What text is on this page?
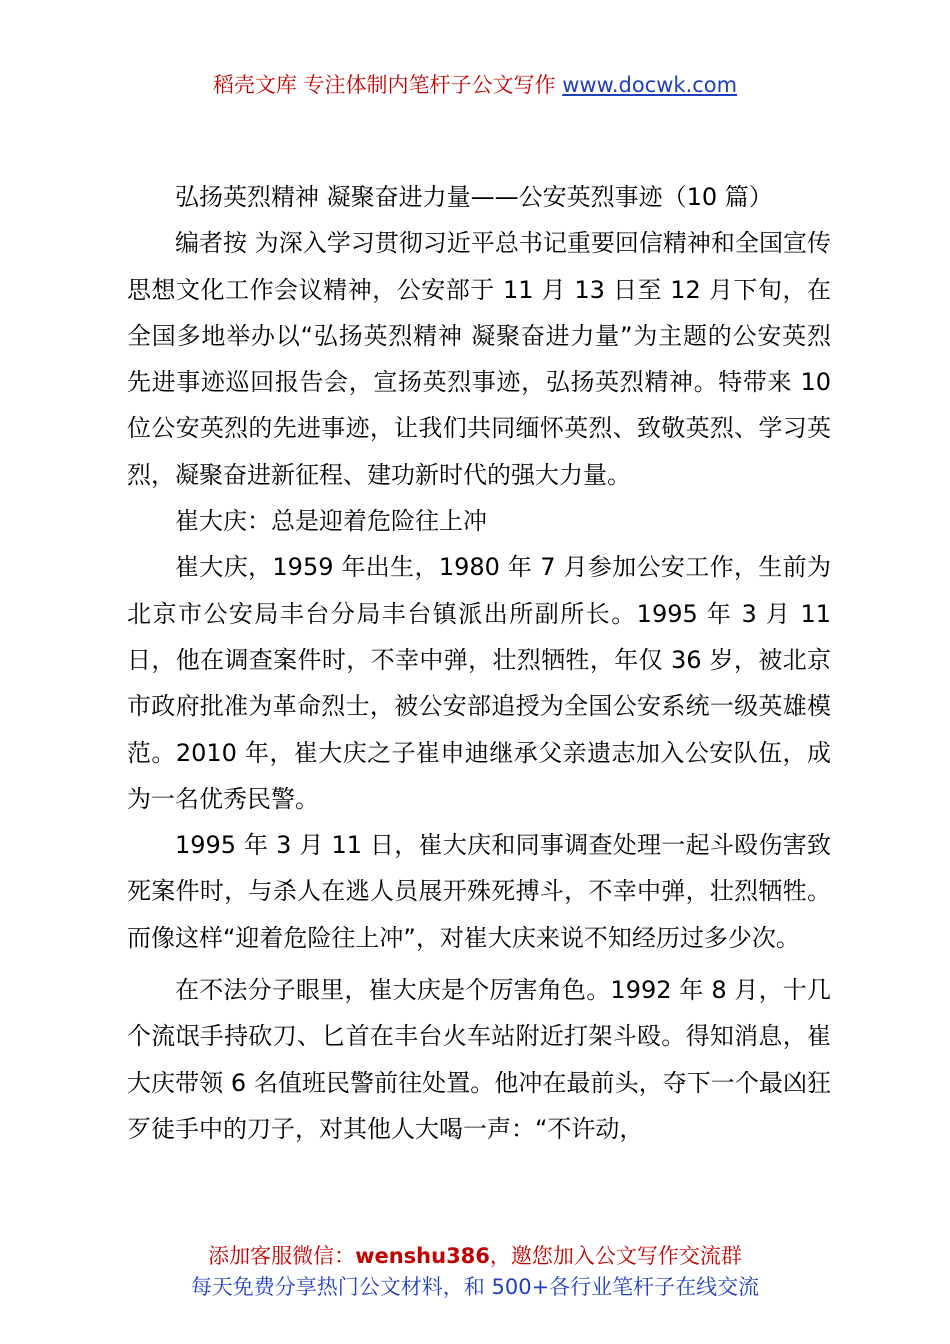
稻壳文库 专注体制内笔杆子公文写作 www.docwk.com

弘扬英烈精神 凝聚奋进力量——公安英烈事迹（10 篇）

编者按 为深入学习贯彻习近平总书记重要回信精神和全国宣传思想文化工作会议精神，公安部于 11 月 13 日至 12 月下旬，在全国多地举办以“弘扬英烈精神 凝聚奋进力量”为主题的公安英烈先进事迹巡回报告会，宣扬英烈事迹，弘扬英烈精神。特带来 10 位公安英烈的先进事迹，让我们共同缅怀英烈、致敬英烈、学习英烈，凝聚奋进新征程、建功新时代的强大力量。

崔大庆：总是迎着危险往上冲

崔大庆，1959 年出生，1980 年 7 月参加公安工作，生前为北京市公安局丰台分局丰台镇派出所副所长。1995 年 3 月 11 日，他在调查案件时，不幸中弹，壮烈牺牲，年仅 36 岁，被北京市政府批准为革命烈士，被公安部追授为全国公安系统一级英雄模范。2010 年，崔大庆之子崔申迪继承父亲遗志加入公安队伍，成为一名优秀民警。

1995 年 3 月 11 日，崔大庆和同事调查处理一起斗殴伤害致死案件时，与杀人在逃人员展开殊死搏斗，不幸中弹，壮烈牺牲。而像这样“迎着危险往上冲”，对崔大庆来说不知经历过多少次。

在不法分子眼里，崔大庆是个厉害角色。1992 年 8 月，十几个流氓手持砍刀、匕首在丰台火车站附近打架斗殴。得知消息，崔大庆带领 6 名值班民警前往处置。他冲在最前头，夺下一个最凶狂歹徒手中的刀子，对其他人大喝一声：“不许动，

添加客服微信：wenshu386，邀您加入公文写作交流群
每天免费分享热门公文材料，和 500+各行业笔杆子在线交流
